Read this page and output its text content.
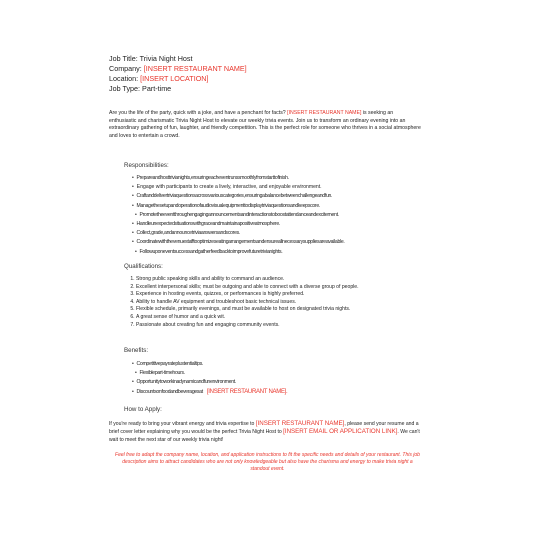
Job Title: Trivia Night Host
Company: [INSERT RESTAURANT NAME]
Location: [INSERT LOCATION]
Job Type: Part-time
Are you the life of the party, quick with a joke, and have a penchant for facts? [INSERT RESTAURANT NAME] is seeking an enthusiastic and charismatic Trivia Night Host to elevate our weekly trivia events. Join us to transform an ordinary evening into an extraordinary gathering of fun, laughter, and friendly competition. This is the perfect role for someone who thrives in a social atmosphere and loves to entertain a crowd.
Responsibilities:
• Prepareandhosttrivianights,ensuringeacheventrunssmoothlyfromstarttofinish.
• Engage with participants to create a lively, interactive, and enjoyable environment.
• Craftanddelivertriviaquestionsacrossvariouscategories,ensuringabalancebetweenchallengeandfun.
• Managethesetupandoperationofaudiovisualequipmenttodisplaytriviaquestionsandkeepscore.
• Promotetheeventthroughengagingannouncementsandinteractionstoboostattendanceandexcitement.
• Handleunexpectedsituationswithgraceandmaintainapositiveatmosphere.
• Collect,grade,andannouncetriviaanswersandscores.
• Coordinatewiththevenuestafftooptimizeseatingarrangementsandensureallnecessarysuppliesareavailable.
• Followuponeventsuccessandgatherfeedbacktoimprovefuturetrivianights.
Qualifications:
1. Strong public speaking skills and ability to command an audience.
2. Excellent interpersonal skills; must be outgoing and able to connect with a diverse group of people.
3. Experience in hosting events, quizzes, or performances is highly preferred.
4. Ability to handle AV equipment and troubleshoot basic technical issues.
5. Flexible schedule, primarily evenings, and must be available to host on designated trivia nights.
6. A great sense of humor and a quick wit.
7. Passionate about creating fun and engaging community events.
Benefits:
• Competitivepayrateplustentialtips.
• Flexiblepart-timehours.
• Opportunitytoworkinadynamicandfunenvironment.
• Discountsonfoodandbeveragesat [INSERT RESTAURANT NAME].
How to Apply:
If you're ready to bring your vibrant energy and trivia expertise to [INSERT RESTAURANT NAME], please send your resume and a brief cover letter explaining why you would be the perfect Trivia Night Host to [INSERT EMAIL OR APPLICATION LINK]. We can't wait to meet the next star of our weekly trivia night!
Feel free to adapt the company name, location, and application instructions to fit the specific needs and details of your restaurant. This job description aims to attract candidates who are not only knowledgeable but also have the charisma and energy to make trivia night a standout event.
